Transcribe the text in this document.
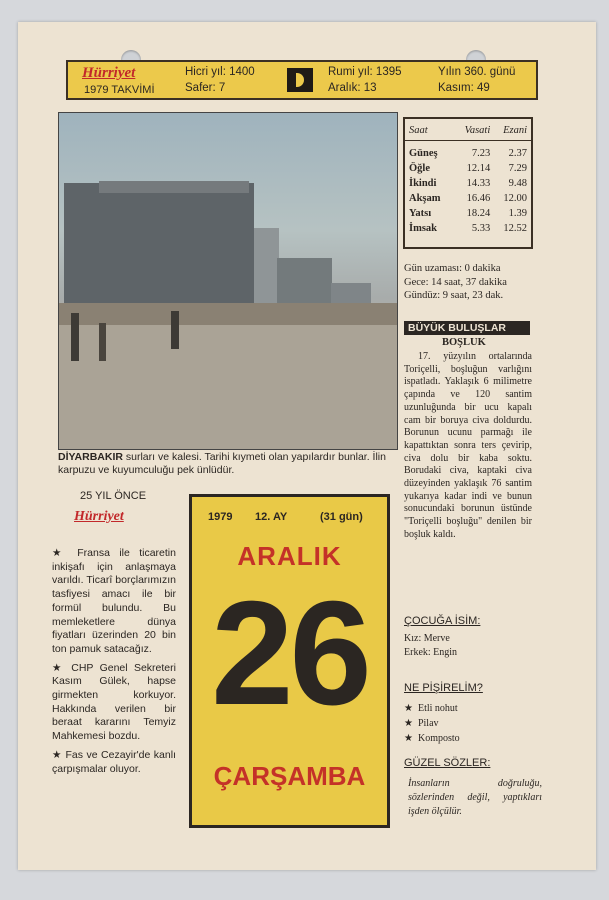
Hürriyet
1979 TAKVİMİ
Hicri yıl: 1400
Safer: 7
Rumi yıl: 1395
Aralık: 13
Yılın 360. günü
Kasım: 49
DİYARBAKIR surları ve kalesi. Tarihi kıymeti olan yapılardır bunlar. İlin karpuzu ve kuyumculuğu pek ünlüdür.
Saat	Vasati	Ezani
Güneş	7.23	2.37
Öğle	12.14	7.29
İkindi	14.33	9.48
Akşam	16.46	12.00
Yatsı	18.24	1.39
İmsak	5.33	12.52
Gün uzaması: 0 dakika
Gece: 14 saat, 37 dakika
Gündüz: 9 saat, 23 dak.
BÜYÜK BULUŞLAR
BOŞLUK

17. yüzyılın ortalarında Toriçelli, boşluğun varlığını ispatladı. Yaklaşık 6 milimetre çapında ve 120 santim uzunluğunda bir ucu kapalı cam bir boruya civa doldurdu. Borunun ucunu parmağı ile kapattıktan sonra ters çevirip, civa dolu bir kaba soktu. Borudaki civa, kaptaki civa düzeyinden yaklaşık 76 santim yukarıya kadar indi ve bunun sonucundaki borunun üstünde "Toriçelli boşluğu" denilen bir boşluk kaldı.

ÇOCUĞA İSİM:
Kız: Merve
Erkek: Engin
NE PİŞİRELİM?
★  Etli nohut
★  Pilav
★  Komposto
GÜZEL SÖZLER:
İnsanların doğruluğu, sözlerinden değil, yaptıkları işden ölçülür.
25 YIL ÖNCE
Hürriyet

★ Fransa ile ticaretin inkişafı için anlaşmaya varıldı. Ticarî borçlarımızın tasfiyesi amacı ile bir formül bulundu. Bu memleketlere dünya fiyatları üzerinden 20 bin ton pamuk satacağız.

★ CHP Genel Sekreteri Kasım Gülek, hapse girmekten korkuyor. Hakkında verilen bir beraat kararını Temyiz Mahkemesi bozdu.

★ Fas ve Cezayir'de kanlı çarpışmalar oluyor.

1979 12. AY	(31 gün)
ARALIK
26
ÇARŞAMBA
